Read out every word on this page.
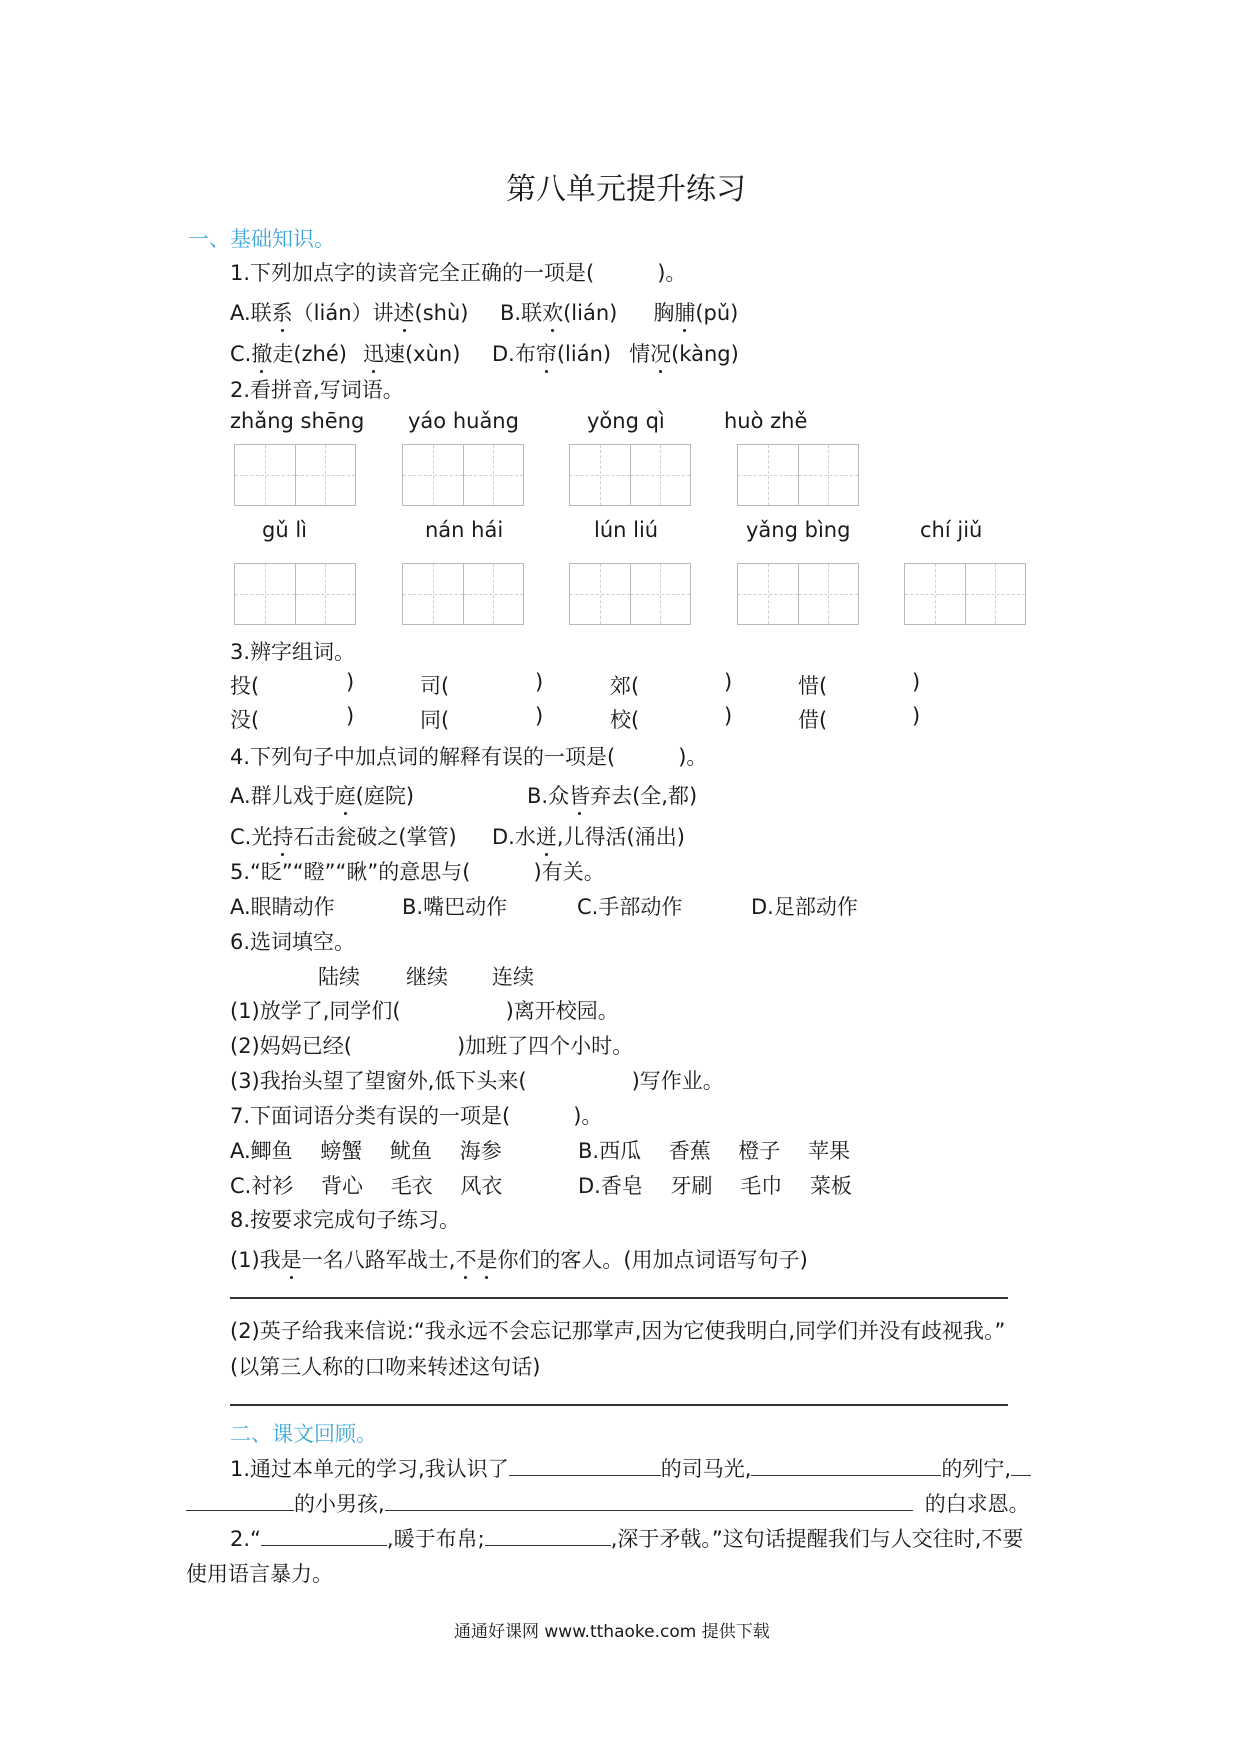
第八单元提升练习
一、基础知识。
1.下列加点字的读音完全正确的一项是(　　　)。
A.联系（lián）讲述(shù) B.联欢(lián) 胸脯(pǔ)
C.撤走(zhé) 迅速(xùn) D.布帘(lián) 情况(kàng)
2.看拼音,写词语。
zhǎng shēng yáo huǎng	yǒng qì	huò zhě
gǔ lì	nán hái	lún liú	yǎng bìng	chí jiǔ
3.辨字组词。
投(	)	司(	)	郊(	)	惜(	)
没(	)	同(	)	校(	)	借(	)
4.下列句子中加点词的解释有误的一项是(　　　)。
A.群儿戏于庭(庭院)	B.众皆弃去(全,都)
C.光持石击瓮破之(掌管) D.水迸,儿得活(涌出)
5.“眨”“瞪”“瞅”的意思与(　　　)有关。
A.眼睛动作	B.嘴巴动作	C.手部动作	D.足部动作
6.选词填空。
陆续 继续 连续
(1)放学了,同学们(　　　　　)离开校园。
(2)妈妈已经(　　　　　)加班了四个小时。
(3)我抬头望了望窗外,低下头来(　　　　　)写作业。
7.下面词语分类有误的一项是(　　　)。
A.鲫鱼　 螃蟹　 鱿鱼　 海参	B.西瓜　 香蕉　 橙子　 苹果
C.衬衫　 背心　 毛衣　 风衣	D.香皂　 牙刷　 毛巾　 菜板
8.按要求完成句子练习。
(1)我是一名八路军战士,不是你们的客人。(用加点词语写句子)
(2)英子给我来信说:“我永远不会忘记那掌声,因为它使我明白,同学们并没有歧视我。”
(以第三人称的口吻来转述这句话)
二、课文回顾。
1.通过本单元的学习,我认识了	的司马光,	的列宁,
的小男孩,	的白求恩。
2.“	,暖于布帛;	,深于矛戟。”这句话提醒我们与人交往时,不要
使用语言暴力。
通通好课网 www.tthaoke.com 提供下载
